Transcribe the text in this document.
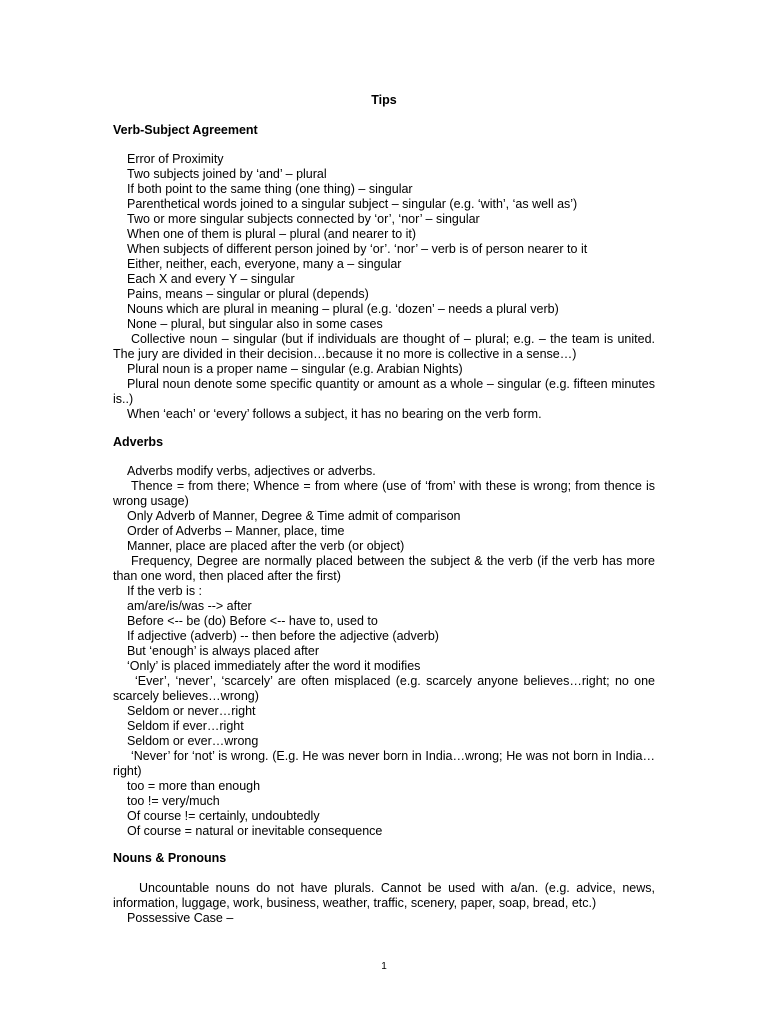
Tips
Verb-Subject Agreement
Error of Proximity
Two subjects joined by ‘and’ – plural
If both point to the same thing (one thing) – singular
Parenthetical words joined to a singular subject – singular (e.g. ‘with’, ‘as well as’)
Two or more singular subjects connected by ‘or’, ‘nor’ – singular
When one of them is plural – plural (and nearer to it)
When subjects of different person joined by ‘or’. ‘nor’ – verb is of person nearer to it
Either, neither, each, everyone, many a – singular
Each X and every Y – singular
Pains, means – singular or plural (depends)
Nouns which are plural in meaning – plural (e.g. ‘dozen’ – needs a plural verb)
None – plural, but singular also in some cases
Collective noun – singular (but if individuals are thought of – plural; e.g. – the team is united. The jury are divided in their decision…because it no more is collective in a sense…)
Plural noun is a proper name – singular (e.g. Arabian Nights)
Plural noun denote some specific quantity or amount as a whole – singular (e.g. fifteen minutes is..)
When ‘each’ or ‘every’ follows a subject, it has no bearing on the verb form.
Adverbs
Adverbs modify verbs, adjectives or adverbs.
Thence = from there; Whence = from where (use of ‘from’ with these is wrong; from thence is wrong usage)
Only Adverb of Manner, Degree & Time admit of comparison
Order of Adverbs – Manner, place, time
Manner, place are placed after the verb (or object)
Frequency, Degree are normally placed between the subject & the verb (if the verb has more than one word, then placed after the first)
If the verb is :
am/are/is/was --> after
Before <-- be (do) Before <-- have to, used to
If adjective (adverb) -- then before the adjective (adverb)
But ‘enough’ is always placed after
‘Only’ is placed immediately after the word it modifies
‘Ever’, ‘never’, ‘scarcely’ are often misplaced (e.g. scarcely anyone believes…right; no one scarcely believes…wrong)
Seldom or never…right
Seldom if ever…right
Seldom or ever…wrong
‘Never’ for ‘not’ is wrong. (E.g. He was never born in India…wrong; He was not born in India…right)
too = more than enough
too != very/much
Of course != certainly, undoubtedly
Of course = natural or inevitable consequence
Nouns & Pronouns
Uncountable nouns do not have plurals. Cannot be used with a/an. (e.g. advice, news, information, luggage, work, business, weather, traffic, scenery, paper, soap, bread, etc.)
Possessive Case –
1
